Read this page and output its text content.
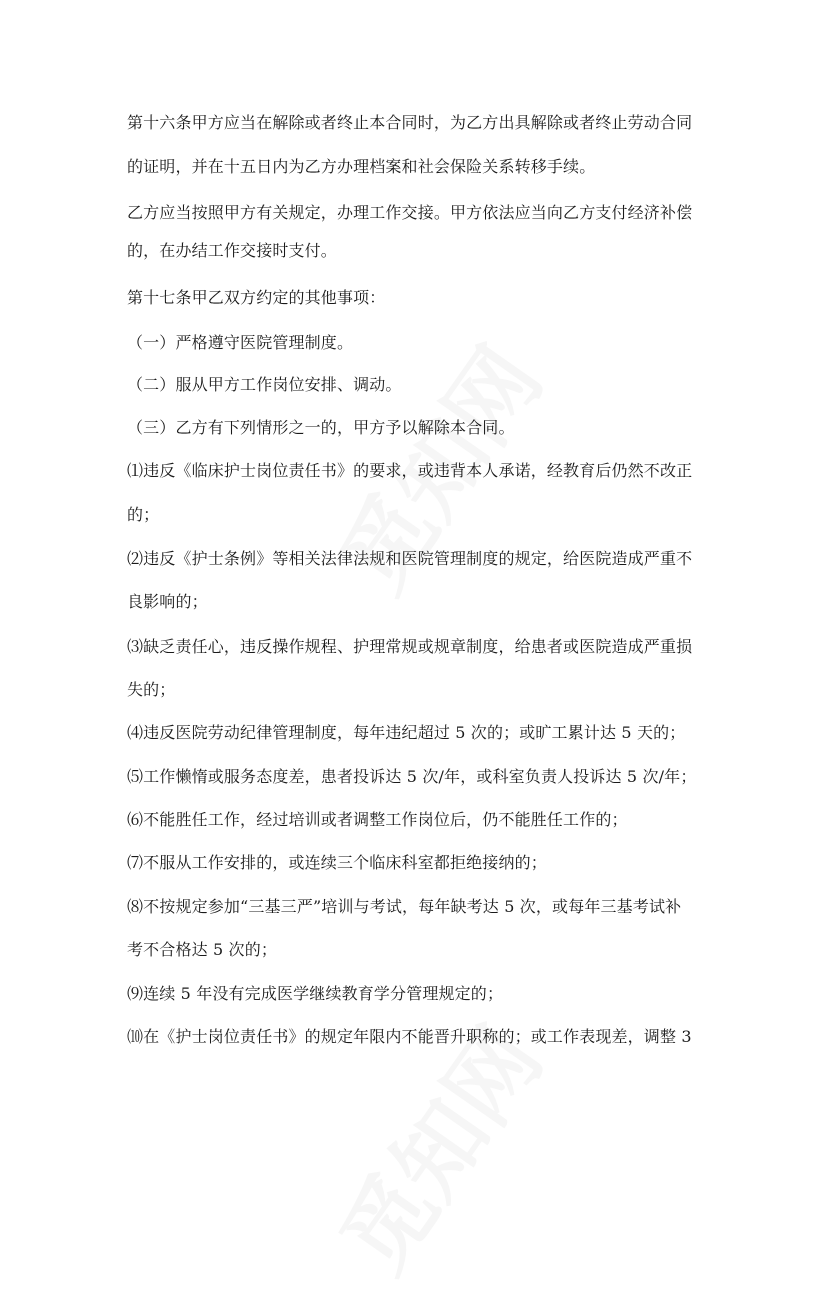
第十六条甲方应当在解除或者终止本合同时，为乙方出具解除或者终止劳动合同
的证明，并在十五日内为乙方办理档案和社会保险关系转移手续。
乙方应当按照甲方有关规定，办理工作交接。甲方依法应当向乙方支付经济补偿
的，在办结工作交接时支付。
第十七条甲乙双方约定的其他事项：
（一）严格遵守医院管理制度。
（二）服从甲方工作岗位安排、调动。
（三）乙方有下列情形之一的，甲方予以解除本合同。
⑴违反《临床护士岗位责任书》的要求，或违背本人承诺，经教育后仍然不改正
的；
⑵违反《护士条例》等相关法律法规和医院管理制度的规定，给医院造成严重不
良影响的；
⑶缺乏责任心，违反操作规程、护理常规或规章制度，给患者或医院造成严重损
失的；
⑷违反医院劳动纪律管理制度，每年违纪超过 5 次的；或旷工累计达 5 天的；
⑸工作懒惰或服务态度差，患者投诉达 5 次/年，或科室负责人投诉达 5 次/年；
⑹不能胜任工作，经过培训或者调整工作岗位后，仍不能胜任工作的；
⑺不服从工作安排的，或连续三个临床科室都拒绝接纳的；
⑻不按规定参加“三基三严”培训与考试，每年缺考达 5 次，或每年三基考试补
考不合格达 5 次的；
⑼连续 5 年没有完成医学继续教育学分管理规定的；
⑽在《护士岗位责任书》的规定年限内不能晋升职称的；或工作表现差，调整 3
